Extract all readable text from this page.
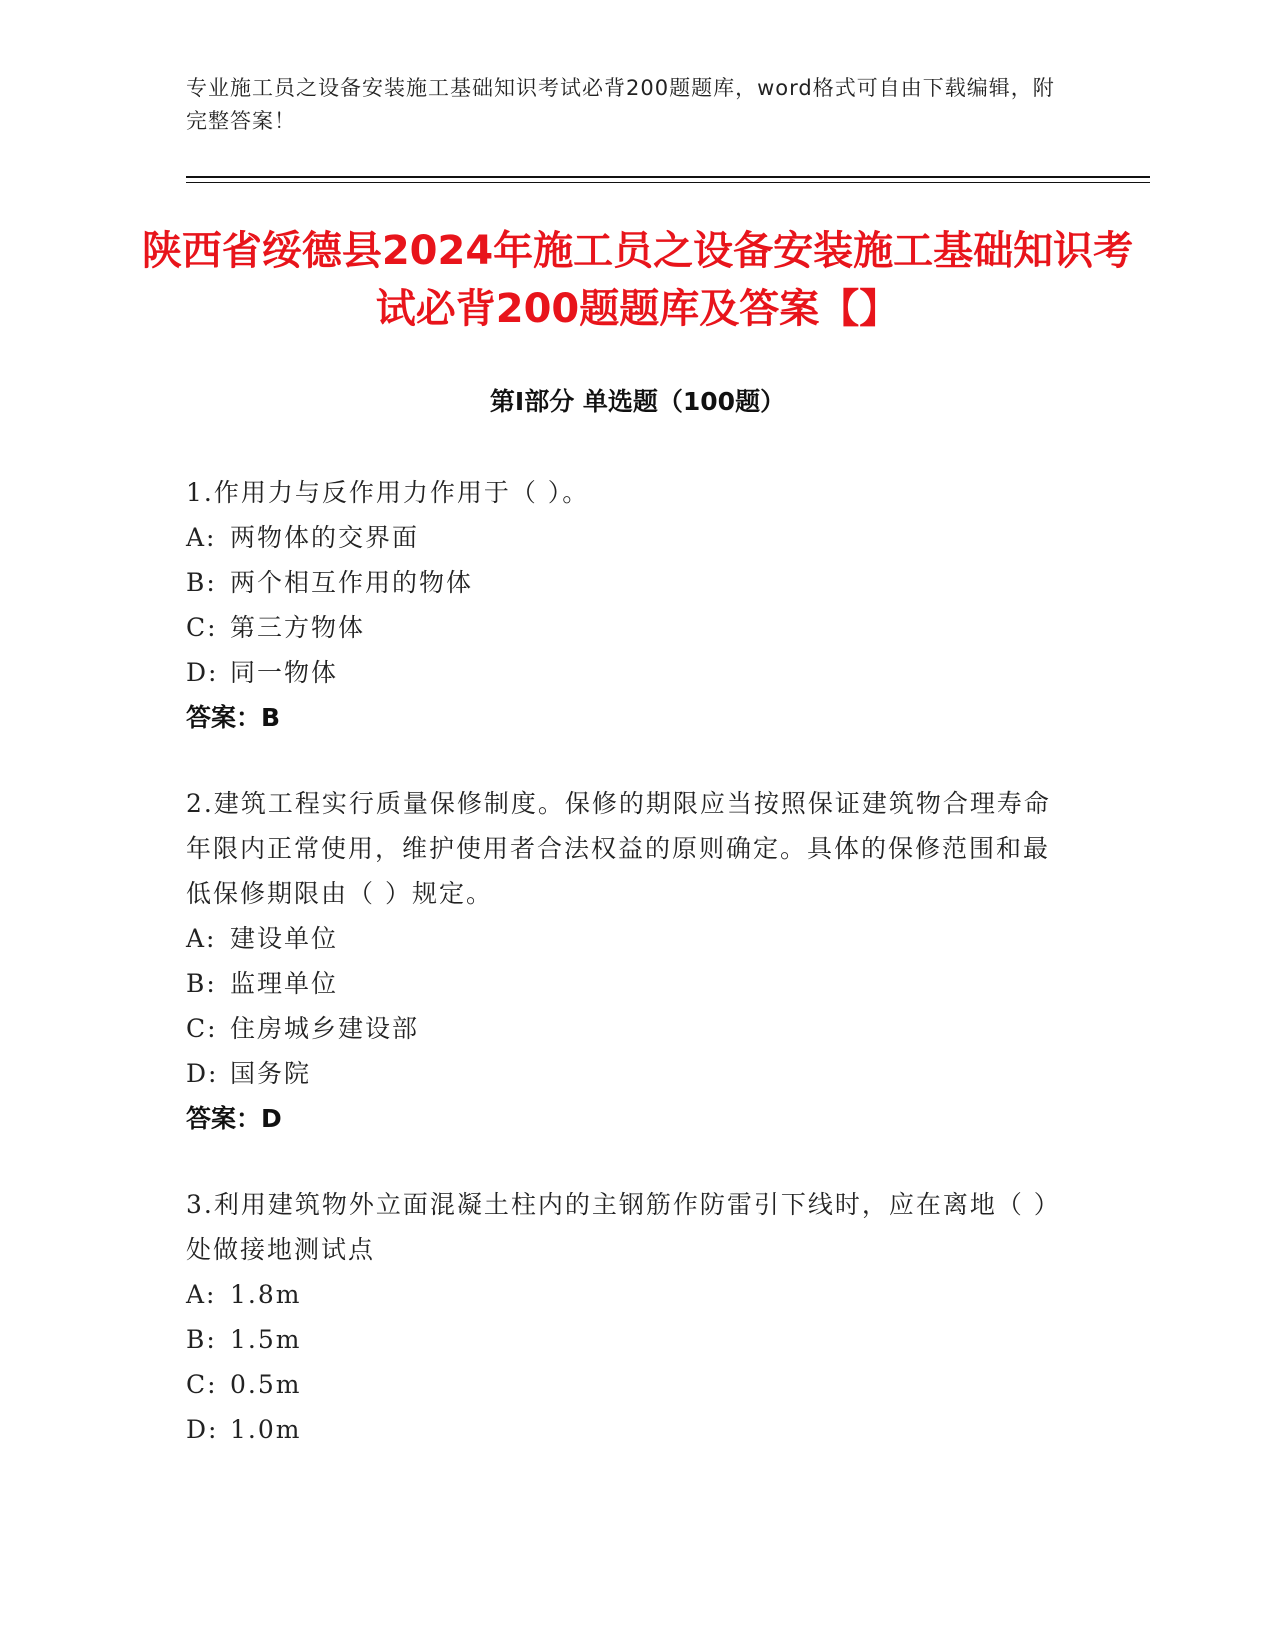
专业施工员之设备安装施工基础知识考试必背200题题库，word格式可自由下载编辑，附完整答案！
陕西省绥德县2024年施工员之设备安装施工基础知识考试必背200题题库及答案【】
第Ⅰ部分 单选题（100题）

1.作用力与反作用力作用于（ ）。

A: 两物体的交界面

B: 两个相互作用的物体

C: 第三方物体

D: 同一物体

答案：B

2.建筑工程实行质量保修制度。保修的期限应当按照保证建筑物合理寿命年限内正常使用，维护使用者合法权益的原则确定。具体的保修范围和最低保修期限由（ ）规定。

A: 建设单位

B: 监理单位

C: 住房城乡建设部

D: 国务院

答案：D

3.利用建筑物外立面混凝土柱内的主钢筋作防雷引下线时，应在离地（ ）处做接地测试点

A: 1.8m

B: 1.5m

C: 0.5m

D: 1.0m
